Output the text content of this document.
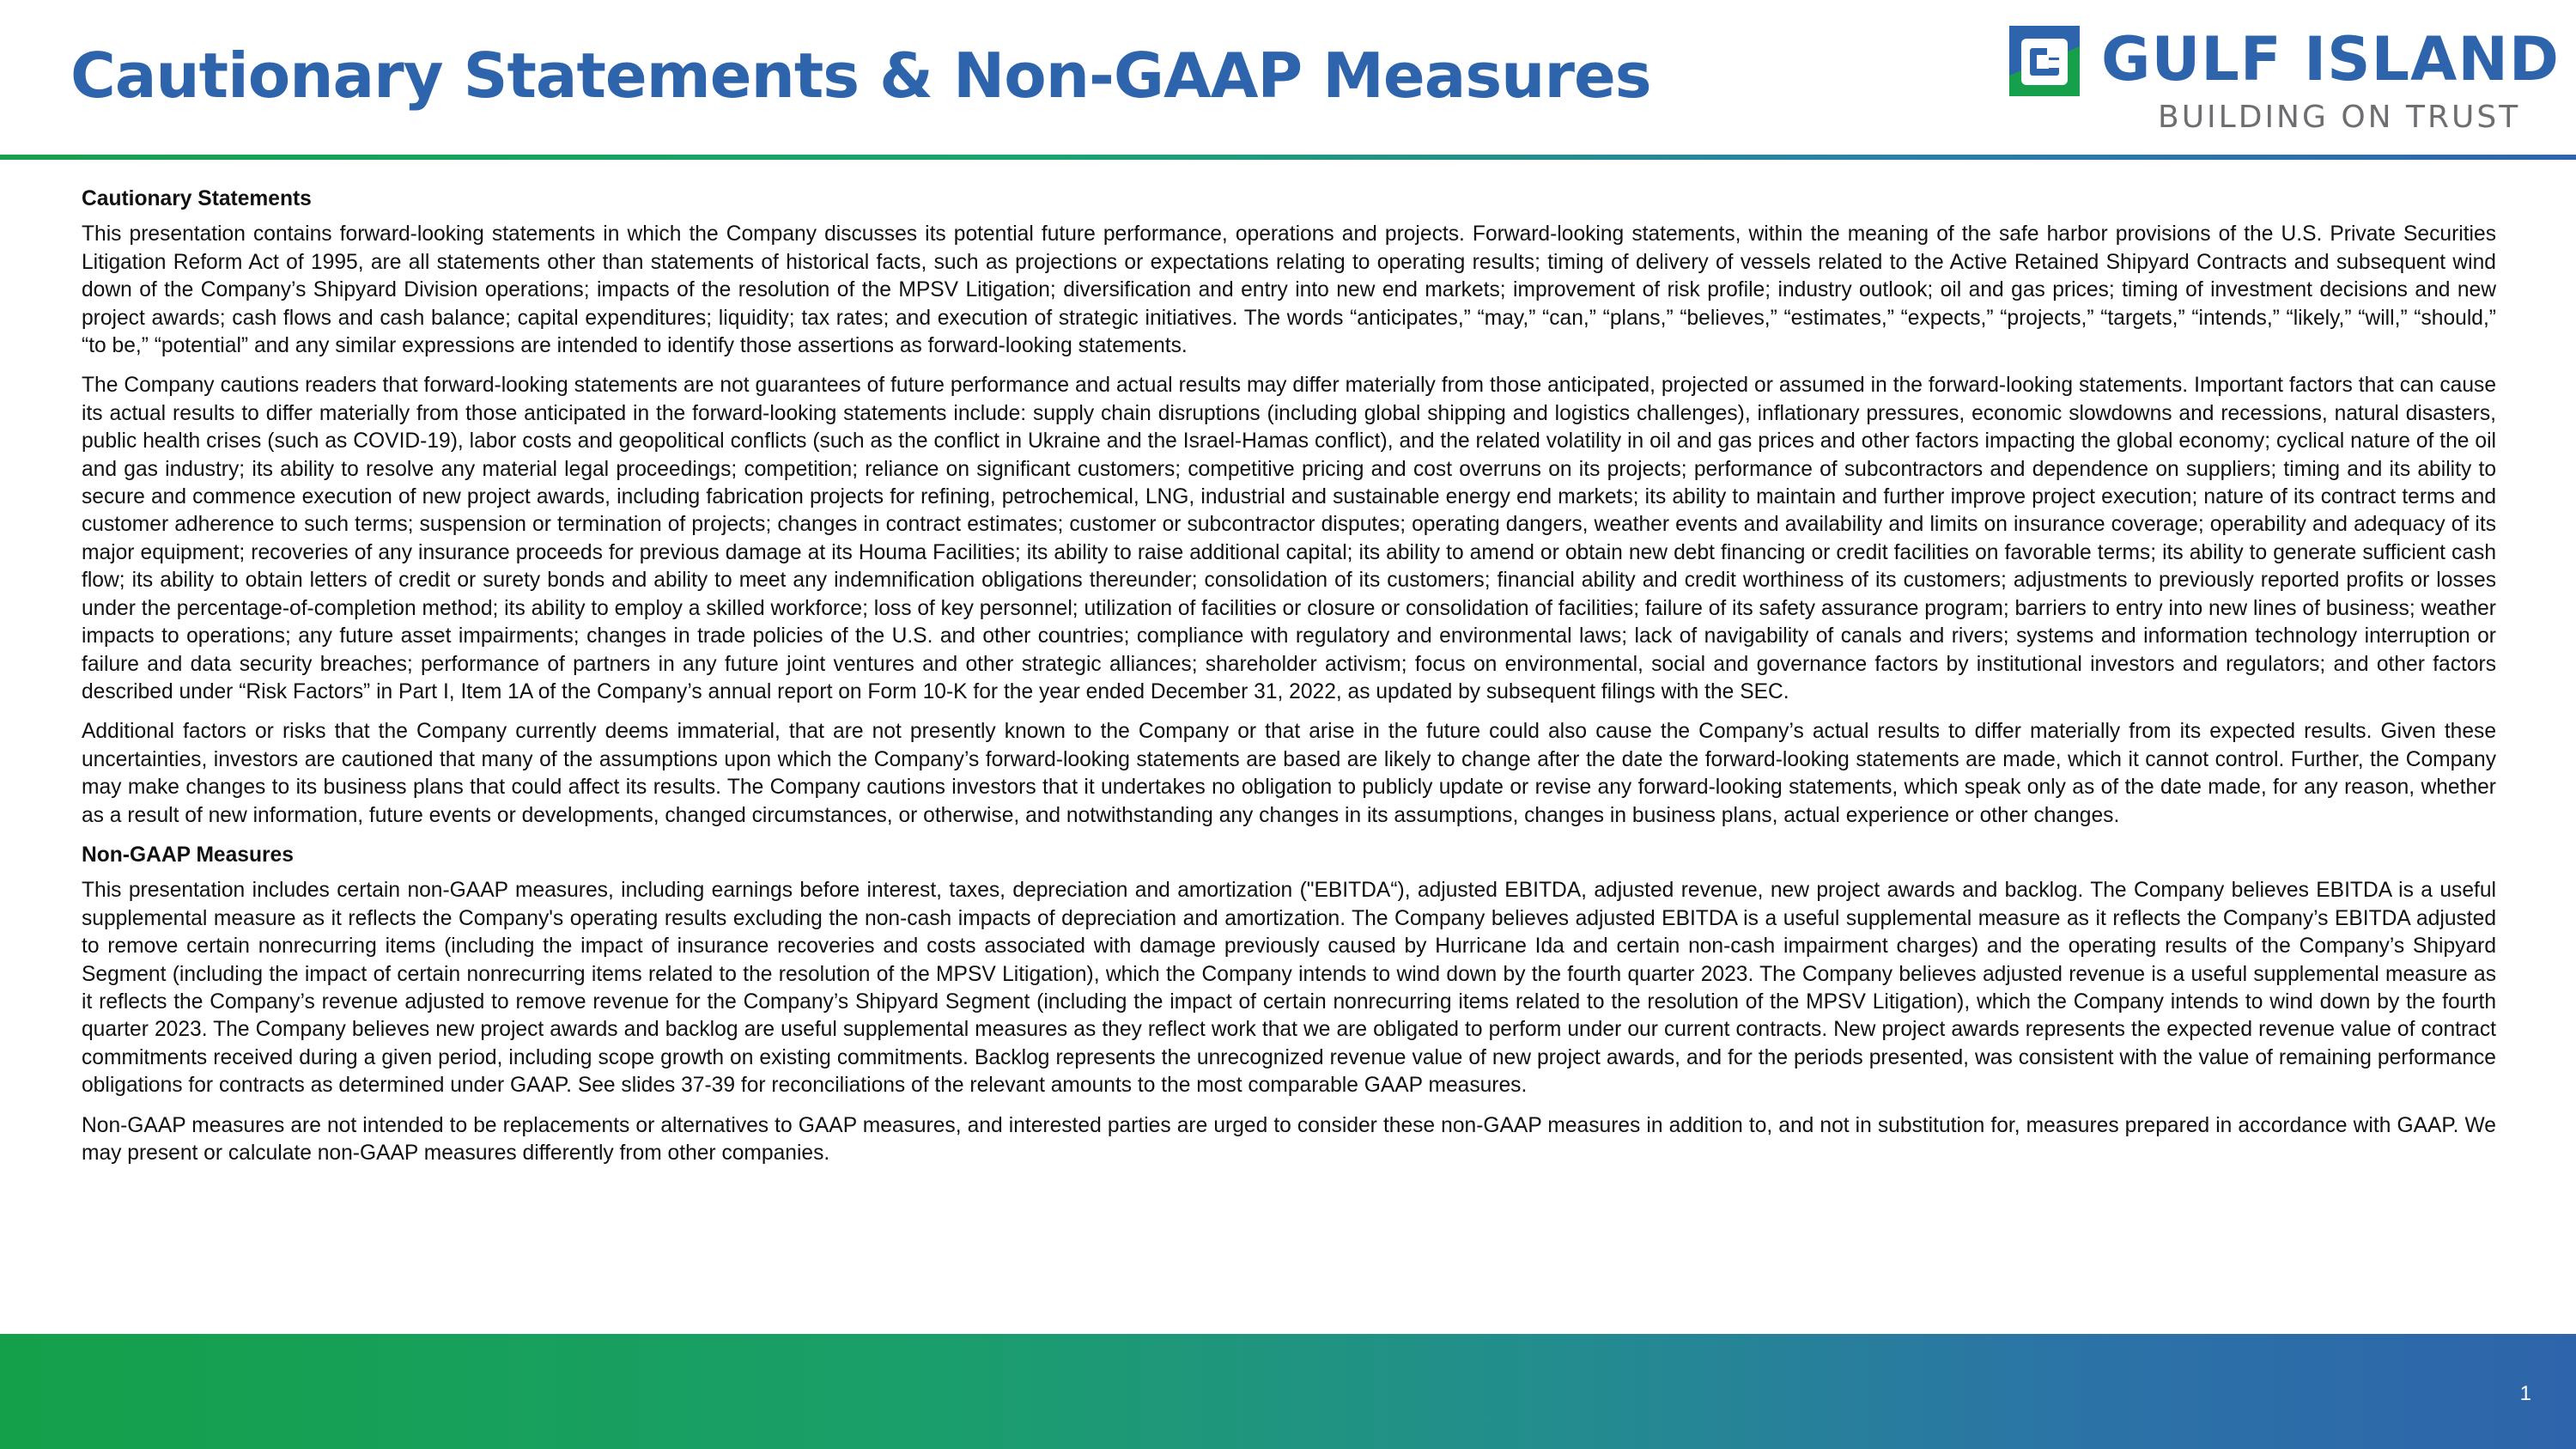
Cautionary Statements & Non-GAAP Measures	GULF ISLAND
BUILDING ON TRUST
Cautionary Statements

This presentation contains forward-looking statements in which the Company discusses its potential future performance, operations and projects. Forward-looking statements, within the meaning of the safe harbor provisions of the U.S. Private Securities Litigation Reform Act of 1995, are all statements other than statements of historical facts, such as projections or expectations relating to operating results; timing of delivery of vessels related to the Active Retained Shipyard Contracts and subsequent wind down of the Company’s Shipyard Division operations; impacts of the resolution of the MPSV Litigation; diversification and entry into new end markets; improvement of risk profile; industry outlook; oil and gas prices; timing of investment decisions and new project awards; cash flows and cash balance; capital expenditures; liquidity; tax rates; and execution of strategic initiatives. The words “anticipates,” “may,” “can,” “plans,” “believes,” “estimates,” “expects,” “projects,” “targets,” “intends,” “likely,” “will,” “should,” “to be,” “potential” and any similar expressions are intended to identify those assertions as forward-looking statements.

The Company cautions readers that forward-looking statements are not guarantees of future performance and actual results may differ materially from those anticipated, projected or assumed in the forward-looking statements. Important factors that can cause its actual results to differ materially from those anticipated in the forward-looking statements include: supply chain disruptions (including global shipping and logistics challenges), inflationary pressures, economic slowdowns and recessions, natural disasters, public health crises (such as COVID-19), labor costs and geopolitical conflicts (such as the conflict in Ukraine and the Israel-Hamas conflict), and the related volatility in oil and gas prices and other factors impacting the global economy; cyclical nature of the oil and gas industry; its ability to resolve any material legal proceedings; competition; reliance on significant customers; competitive pricing and cost overruns on its projects; performance of subcontractors and dependence on suppliers; timing and its ability to secure and commence execution of new project awards, including fabrication projects for refining, petrochemical, LNG, industrial and sustainable energy end markets; its ability to maintain and further improve project execution; nature of its contract terms and customer adherence to such terms; suspension or termination of projects; changes in contract estimates; customer or subcontractor disputes; operating dangers, weather events and availability and limits on insurance coverage; operability and adequacy of its major equipment; recoveries of any insurance proceeds for previous damage at its Houma Facilities; its ability to raise additional capital; its ability to amend or obtain new debt financing or credit facilities on favorable terms; its ability to generate sufficient cash flow; its ability to obtain letters of credit or surety bonds and ability to meet any indemnification obligations thereunder; consolidation of its customers; financial ability and credit worthiness of its customers; adjustments to previously reported profits or losses under the percentage-of-completion method; its ability to employ a skilled workforce; loss of key personnel; utilization of facilities or closure or consolidation of facilities; failure of its safety assurance program; barriers to entry into new lines of business; weather impacts to operations; any future asset impairments; changes in trade policies of the U.S. and other countries; compliance with regulatory and environmental laws; lack of navigability of canals and rivers; systems and information technology interruption or failure and data security breaches; performance of partners in any future joint ventures and other strategic alliances; shareholder activism; focus on environmental, social and governance factors by institutional investors and regulators; and other factors described under “Risk Factors” in Part I, Item 1A of the Company’s annual report on Form 10-K for the year ended December 31, 2022, as updated by subsequent filings with the SEC.

Additional factors or risks that the Company currently deems immaterial, that are not presently known to the Company or that arise in the future could also cause the Company’s actual results to differ materially from its expected results. Given these uncertainties, investors are cautioned that many of the assumptions upon which the Company’s forward-looking statements are based are likely to change after the date the forward-looking statements are made, which it cannot control. Further, the Company may make changes to its business plans that could affect its results. The Company cautions investors that it undertakes no obligation to publicly update or revise any forward-looking statements, which speak only as of the date made, for any reason, whether as a result of new information, future events or developments, changed circumstances, or otherwise, and notwithstanding any changes in its assumptions, changes in business plans, actual experience or other changes.

Non-GAAP Measures

This presentation includes certain non-GAAP measures, including earnings before interest, taxes, depreciation and amortization ("EBITDA“), adjusted EBITDA, adjusted revenue, new project awards and backlog. The Company believes EBITDA is a useful supplemental measure as it reflects the Company's operating results excluding the non-cash impacts of depreciation and amortization. The Company believes adjusted EBITDA is a useful supplemental measure as it reflects the Company’s EBITDA adjusted to remove certain nonrecurring items (including the impact of insurance recoveries and costs associated with damage previously caused by Hurricane Ida and certain non-cash impairment charges) and the operating results of the Company’s Shipyard Segment (including the impact of certain nonrecurring items related to the resolution of the MPSV Litigation), which the Company intends to wind down by the fourth quarter 2023. The Company believes adjusted revenue is a useful supplemental measure as it reflects the Company’s revenue adjusted to remove revenue for the Company’s Shipyard Segment (including the impact of certain nonrecurring items related to the resolution of the MPSV Litigation), which the Company intends to wind down by the fourth quarter 2023. The Company believes new project awards and backlog are useful supplemental measures as they reflect work that we are obligated to perform under our current contracts. New project awards represents the expected revenue value of contract commitments received during a given period, including scope growth on existing commitments. Backlog represents the unrecognized revenue value of new project awards, and for the periods presented, was consistent with the value of remaining performance obligations for contracts as determined under GAAP. See slides 37-39 for reconciliations of the relevant amounts to the most comparable GAAP measures.

Non-GAAP measures are not intended to be replacements or alternatives to GAAP measures, and interested parties are urged to consider these non-GAAP measures in addition to, and not in substitution for, measures prepared in accordance with GAAP. We may present or calculate non-GAAP measures differently from other companies.

1
